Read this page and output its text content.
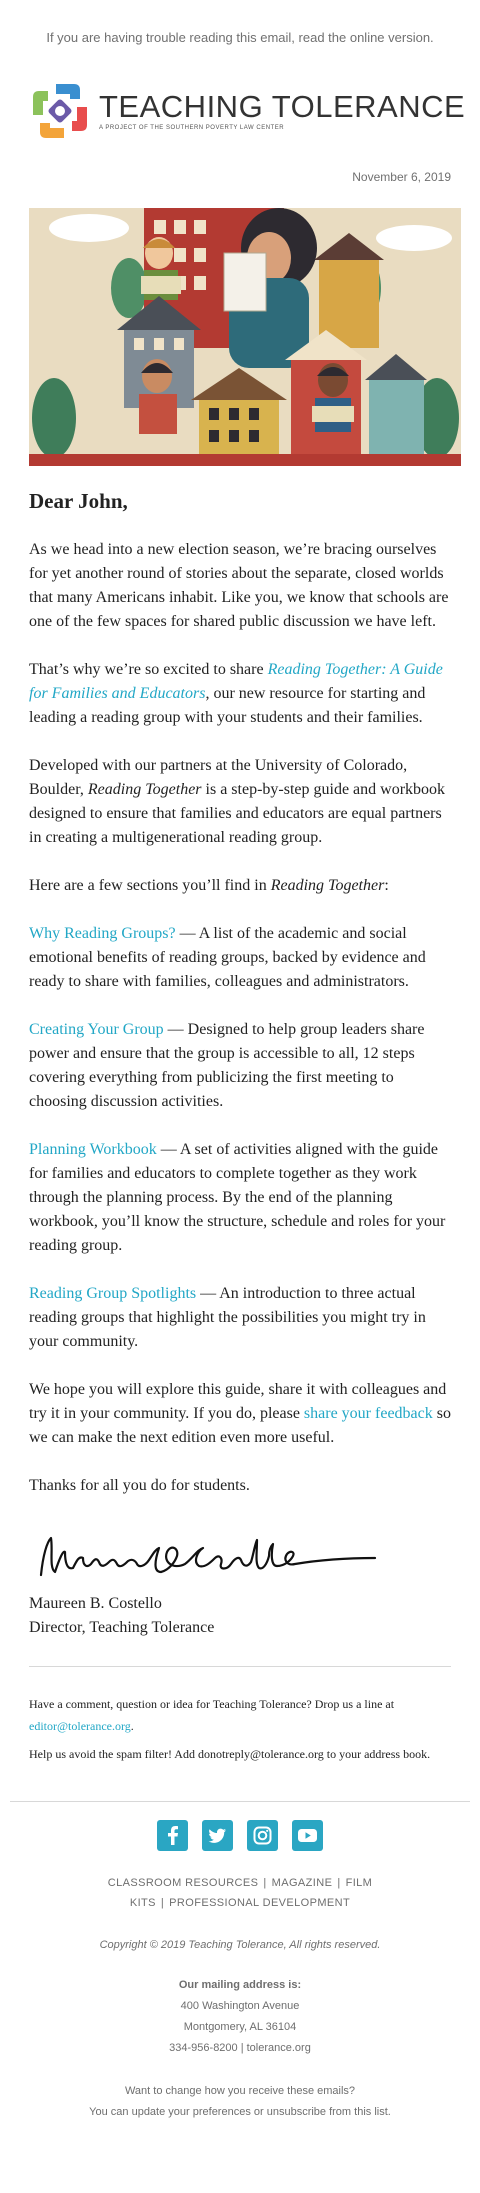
If you are having trouble reading this email, read the online version.
TEACHING TOLERANCE
A PROJECT OF THE SOUTHERN POVERTY LAW CENTER
November 6, 2019
Dear John,

As we head into a new election season, we’re bracing ourselves for yet another round of stories about the separate, closed worlds that many Americans inhabit. Like you, we know that schools are one of the few spaces for shared public discussion we have left.

That’s why we’re so excited to share Reading Together: A Guide for Families and Educators, our new resource for starting and leading a reading group with your students and their families.

Developed with our partners at the University of Colorado, Boulder, Reading Together is a step-by-step guide and workbook designed to ensure that families and educators are equal partners in creating a multigenerational reading group.

Here are a few sections you’ll find in Reading Together:

Why Reading Groups? — A list of the academic and social emotional benefits of reading groups, backed by evidence and ready to share with families, colleagues and administrators.

Creating Your Group — Designed to help group leaders share power and ensure that the group is accessible to all, 12 steps covering everything from publicizing the first meeting to choosing discussion activities.

Planning Workbook — A set of activities aligned with the guide for families and educators to complete together as they work through the planning process. By the end of the planning workbook, you’ll know the structure, schedule and roles for your reading group.

Reading Group Spotlights — An introduction to three actual reading groups that highlight the possibilities you might try in your community.

We hope you will explore this guide, share it with colleagues and try it in your community. If you do, please share your feedback so we can make the next edition even more useful.

Thanks for all you do for students.

Maureen B. Costello
Director, Teaching Tolerance
Have a comment, question or idea for Teaching Tolerance? Drop us a line at editor@tolerance.org.
Help us avoid the spam filter! Add donotreply@tolerance.org to your address book.
CLASSROOM RESOURCES | MAGAZINE | FILM KITS | PROFESSIONAL DEVELOPMENT
Copyright © 2019 Teaching Tolerance, All rights reserved.
Our mailing address is:
400 Washington Avenue
Montgomery, AL 36104
334-956-8200 | tolerance.org
Want to change how you receive these emails?
You can update your preferences or unsubscribe from this list.
